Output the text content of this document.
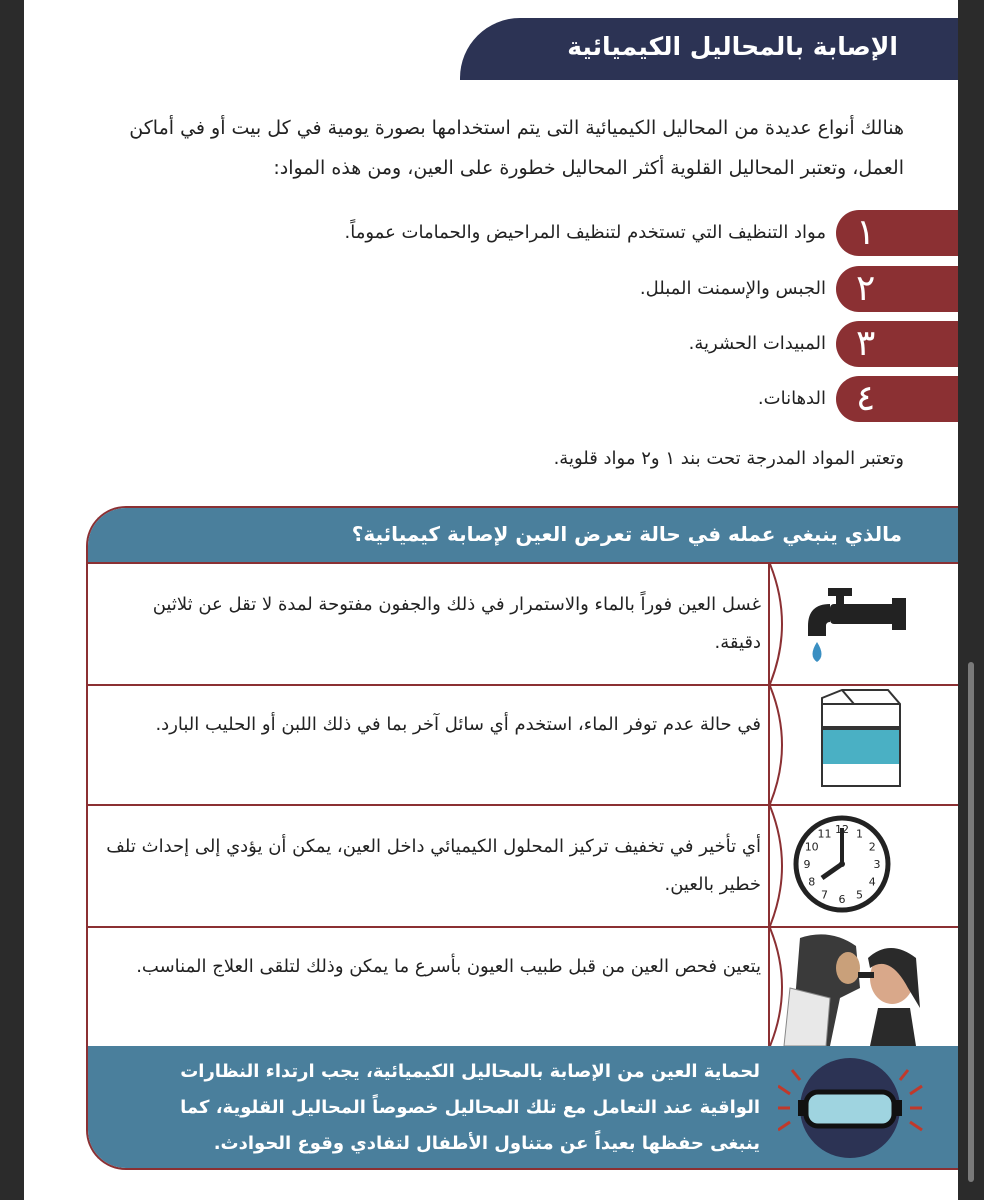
الإصابة بالمحاليل الكيميائية

هنالك أنواع عديدة من المحاليل الكيميائية التى يتم استخدامها بصورة يومية في كل بيت أو في أماكن العمل، وتعتبر المحاليل القلوية أكثر المحاليل خطورة على العين، ومن هذه المواد:

١
مواد التنظيف التي تستخدم لتنظيف المراحيض والحمامات عموماً.
٢
الجبس والإسمنت المبلل.
٣
المبيدات الحشرية.
٤
الدهانات.
وتعتبر المواد المدرجة تحت بند ١ و٢ مواد قلوية.
مالذي ينبغي عمله في حالة تعرض العين لإصابة كيميائية؟
غسل العين فوراً بالماء والاستمرار في ذلك والجفون مفتوحة لمدة لا تقل عن ثلاثين دقيقة.
في حالة عدم توفر الماء، استخدم أي سائل آخر بما في ذلك اللبن أو الحليب البارد.
أي تأخير في تخفيف تركيز المحلول الكيميائي داخل العين، يمكن أن يؤدي إلى إحداث تلف خطير بالعين.
12 1
2
3
4
5
6
7
8
9
10
11
يتعين فحص العين من قبل طبيب العيون بأسرع ما يمكن وذلك لتلقى العلاج المناسب.
لحماية العين من الإصابة بالمحاليل الكيميائية، يجب ارتداء النظارات الواقية عند التعامل مع تلك المحاليل خصوصاً المحاليل القلوية، كما ينبغى حفظها بعيداً عن متناول الأطفال لتفادي وقوع الحوادث.
